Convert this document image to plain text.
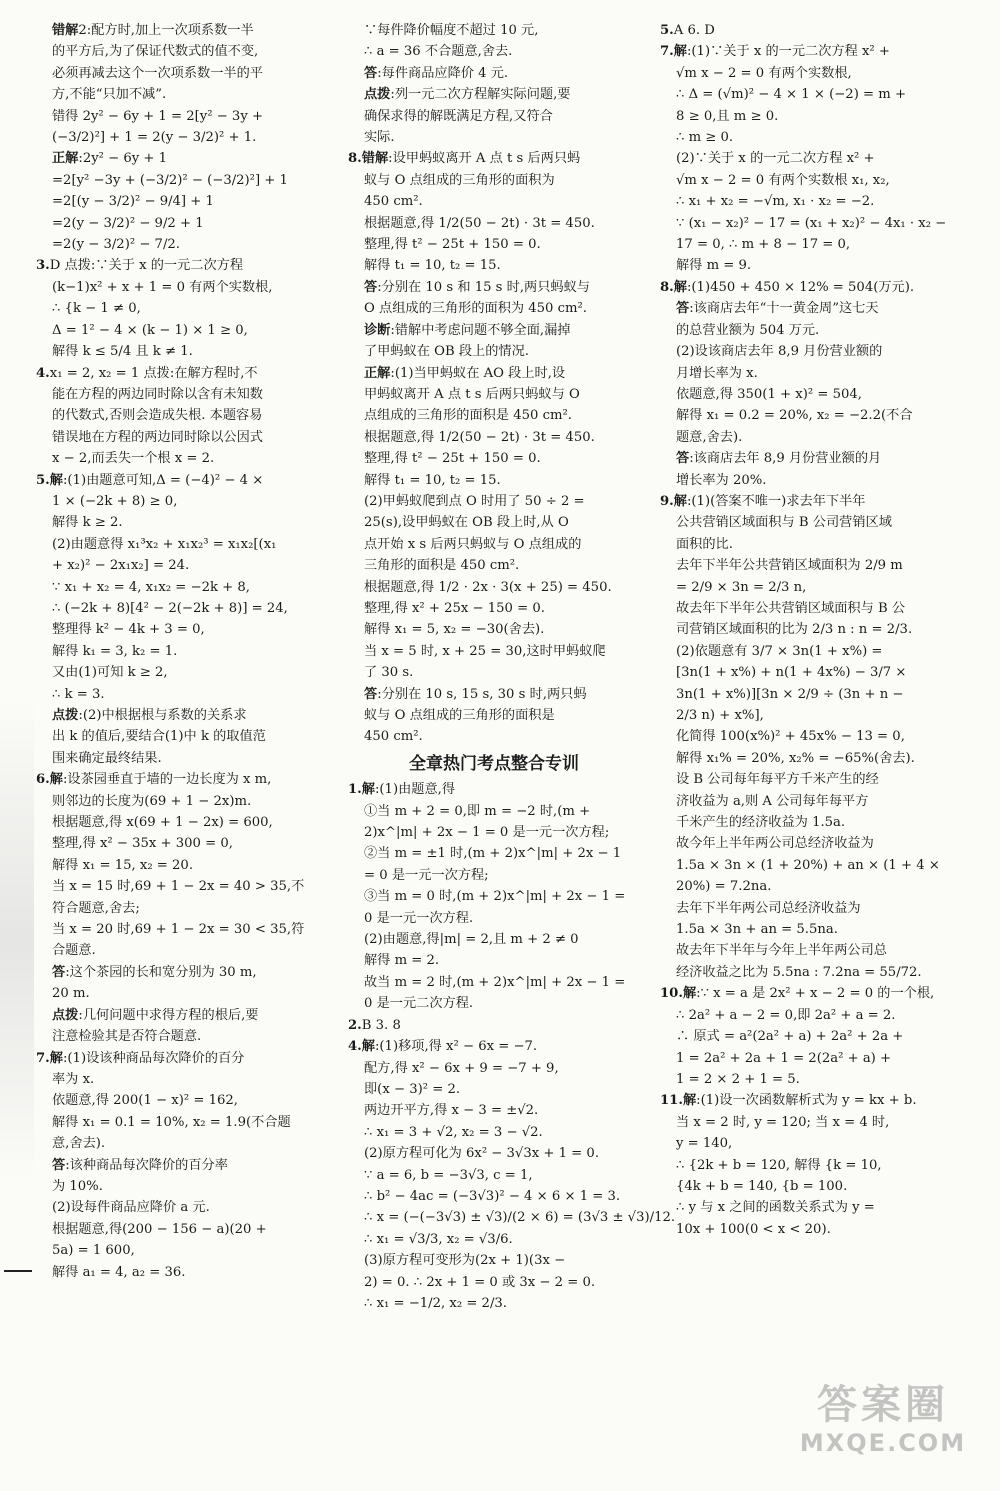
错解2:配方时,加上一次项系数一半
的平方后,为了保证代数式的值不变,
必须再减去这个一次项系数一半的平
方,不能“只加不减”.
错得 2y² − 6y + 1 = 2[y² − 3y +
(−3/2)²] + 1 = 2(y − 3/2)² + 1.
正解:2y² − 6y + 1
=2[y² −3y + (−3/2)² − (−3/2)²] + 1
=2[(y − 3/2)² − 9/4] + 1
=2(y − 3/2)² − 9/2 + 1
=2(y − 3/2)² − 7/2.
3.D 点拨:∵关于 x 的一元二次方程
(k−1)x² + x + 1 = 0 有两个实数根,
∴ {k − 1 ≠ 0,
Δ = 1² − 4 × (k − 1) × 1 ≥ 0,
解得 k ≤ 5/4 且 k ≠ 1.
4.x₁ = 2, x₂ = 1 点拨:在解方程时,不
能在方程的两边同时除以含有未知数
的代数式,否则会造成失根. 本题容易
错误地在方程的两边同时除以公因式
x − 2,而丢失一个根 x = 2.
5.解:(1)由题意可知,Δ = (−4)² − 4 ×
1 × (−2k + 8) ≥ 0,
解得 k ≥ 2.
(2)由题意得 x₁³x₂ + x₁x₂³ = x₁x₂[(x₁
+ x₂)² − 2x₁x₂] = 24.
∵ x₁ + x₂ = 4, x₁x₂ = −2k + 8,
∴ (−2k + 8)[4² − 2(−2k + 8)] = 24,
整理得 k² − 4k + 3 = 0,
解得 k₁ = 3, k₂ = 1.
又由(1)可知 k ≥ 2,
∴ k = 3.
点拨:(2)中根据根与系数的关系求
出 k 的值后,要结合(1)中 k 的取值范
围来确定最终结果.
6.解:设茶园垂直于墙的一边长度为 x m,
则邻边的长度为(69 + 1 − 2x)m.
根据题意,得 x(69 + 1 − 2x) = 600,
整理,得 x² − 35x + 300 = 0,
解得 x₁ = 15, x₂ = 20.
当 x = 15 时,69 + 1 − 2x = 40 > 35,不
符合题意,舍去;
当 x = 20 时,69 + 1 − 2x = 30 < 35,符
合题意.
答:这个茶园的长和宽分别为 30 m,
20 m.
点拨:几何问题中求得方程的根后,要
注意检验其是否符合题意.
7.解:(1)设该种商品每次降价的百分
率为 x.
依题意,得 200(1 − x)² = 162,
解得 x₁ = 0.1 = 10%, x₂ = 1.9(不合题
意,舍去).
答:该种商品每次降价的百分率
为 10%.
(2)设每件商品应降价 a 元.
根据题意,得(200 − 156 − a)(20 +
5a) = 1 600,
解得 a₁ = 4, a₂ = 36.
∵每件降价幅度不超过 10 元,
∴ a = 36 不合题意,舍去.
答:每件商品应降价 4 元.
点拨:列一元二次方程解实际问题,要
确保求得的解既满足方程,又符合
实际.
8.错解:设甲蚂蚁离开 A 点 t s 后两只蚂
蚁与 O 点组成的三角形的面积为
450 cm².
根据题意,得 1/2(50 − 2t) · 3t = 450.
整理,得 t² − 25t + 150 = 0.
解得 t₁ = 10, t₂ = 15.
答:分别在 10 s 和 15 s 时,两只蚂蚁与
O 点组成的三角形的面积为 450 cm².
诊断:错解中考虑问题不够全面,漏掉
了甲蚂蚁在 OB 段上的情况.
正解:(1)当甲蚂蚁在 AO 段上时,设
甲蚂蚁离开 A 点 t s 后两只蚂蚁与 O
点组成的三角形的面积是 450 cm².
根据题意,得 1/2(50 − 2t) · 3t = 450.
整理,得 t² − 25t + 150 = 0.
解得 t₁ = 10, t₂ = 15.
(2)甲蚂蚁爬到点 O 时用了 50 ÷ 2 =
25(s),设甲蚂蚁在 OB 段上时,从 O
点开始 x s 后两只蚂蚁与 O 点组成的
三角形的面积是 450 cm².
根据题意,得 1/2 · 2x · 3(x + 25) = 450.
整理,得 x² + 25x − 150 = 0.
解得 x₁ = 5, x₂ = −30(舍去).
当 x = 5 时, x + 25 = 30,这时甲蚂蚁爬
了 30 s.
答:分别在 10 s, 15 s, 30 s 时,两只蚂
蚁与 O 点组成的三角形的面积是
450 cm².
全章热门考点整合专训
1.解:(1)由题意,得
①当 m + 2 = 0,即 m = −2 时,(m +
2)x^|m| + 2x − 1 = 0 是一元一次方程;
②当 m = ±1 时,(m + 2)x^|m| + 2x − 1
= 0 是一元一次方程;
③当 m = 0 时,(m + 2)x^|m| + 2x − 1 =
0 是一元一次方程.
(2)由题意,得|m| = 2,且 m + 2 ≠ 0
解得 m = 2.
故当 m = 2 时,(m + 2)x^|m| + 2x − 1 =
0 是一元二次方程.
2.B 3. 8
4.解:(1)移项,得 x² − 6x = −7.
配方,得 x² − 6x + 9 = −7 + 9,
即(x − 3)² = 2.
两边开平方,得 x − 3 = ±√2.
∴ x₁ = 3 + √2, x₂ = 3 − √2.
(2)原方程可化为 6x² − 3√3x + 1 = 0.
∵ a = 6, b = −3√3, c = 1,
∴ b² − 4ac = (−3√3)² − 4 × 6 × 1 = 3.
∴ x = (−(−3√3) ± √3)/(2 × 6) = (3√3 ± √3)/12.
∴ x₁ = √3/3, x₂ = √3/6.
(3)原方程可变形为(2x + 1)(3x −
2) = 0. ∴ 2x + 1 = 0 或 3x − 2 = 0.
∴ x₁ = −1/2, x₂ = 2/3.
5.A 6. D
7.解:(1)∵关于 x 的一元二次方程 x² +
√m x − 2 = 0 有两个实数根,
∴ Δ = (√m)² − 4 × 1 × (−2) = m +
8 ≥ 0,且 m ≥ 0.
∴ m ≥ 0.
(2)∵关于 x 的一元二次方程 x² +
√m x − 2 = 0 有两个实数根 x₁, x₂,
∴ x₁ + x₂ = −√m, x₁ · x₂ = −2.
∵ (x₁ − x₂)² − 17 = (x₁ + x₂)² − 4x₁ · x₂ −
17 = 0, ∴ m + 8 − 17 = 0,
解得 m = 9.
8.解:(1)450 + 450 × 12% = 504(万元).
答:该商店去年“十一黄金周”这七天
的总营业额为 504 万元.
(2)设该商店去年 8,9 月份营业额的
月增长率为 x.
依题意,得 350(1 + x)² = 504,
解得 x₁ = 0.2 = 20%, x₂ = −2.2(不合
题意,舍去).
答:该商店去年 8,9 月份营业额的月
增长率为 20%.
9.解:(1)(答案不唯一)求去年下半年
公共营销区域面积与 B 公司营销区域
面积的比.
去年下半年公共营销区域面积为 2/9 m
= 2/9 × 3n = 2/3 n,
故去年下半年公共营销区域面积与 B 公
司营销区域面积的比为 2/3 n : n = 2/3.
(2)依题意有 3/7 × 3n(1 + x%) =
[3n(1 + x%) + n(1 + 4x%) − 3/7 ×
3n(1 + x%)][3n × 2/9 ÷ (3n + n −
2/3 n) + x%],
化简得 100(x%)² + 45x% − 13 = 0,
解得 x₁% = 20%, x₂% = −65%(舍去).
设 B 公司每年每平方千米产生的经
济收益为 a,则 A 公司每年每平方
千米产生的经济收益为 1.5a.
故今年上半年两公司总经济收益为
1.5a × 3n × (1 + 20%) + an × (1 + 4 ×
20%) = 7.2na.
去年下半年两公司总经济收益为
1.5a × 3n + an = 5.5na.
故去年下半年与今年上半年两公司总
经济收益之比为 5.5na : 7.2na = 55/72.
10.解:∵ x = a 是 2x² + x − 2 = 0 的一个根,
∴ 2a² + a − 2 = 0,即 2a² + a = 2.
∴ 原式 = a²(2a² + a) + 2a² + 2a +
1 = 2a² + 2a + 1 = 2(2a² + a) +
1 = 2 × 2 + 1 = 5.
11.解:(1)设一次函数解析式为 y = kx + b.
当 x = 2 时, y = 120; 当 x = 4 时,
y = 140,
∴ {2k + b = 120, 解得 {k = 10,
{4k + b = 140, {b = 100.
∴ y 与 x 之间的函数关系式为 y =
10x + 100(0 < x < 20).
答案圈
MXQE.COM
